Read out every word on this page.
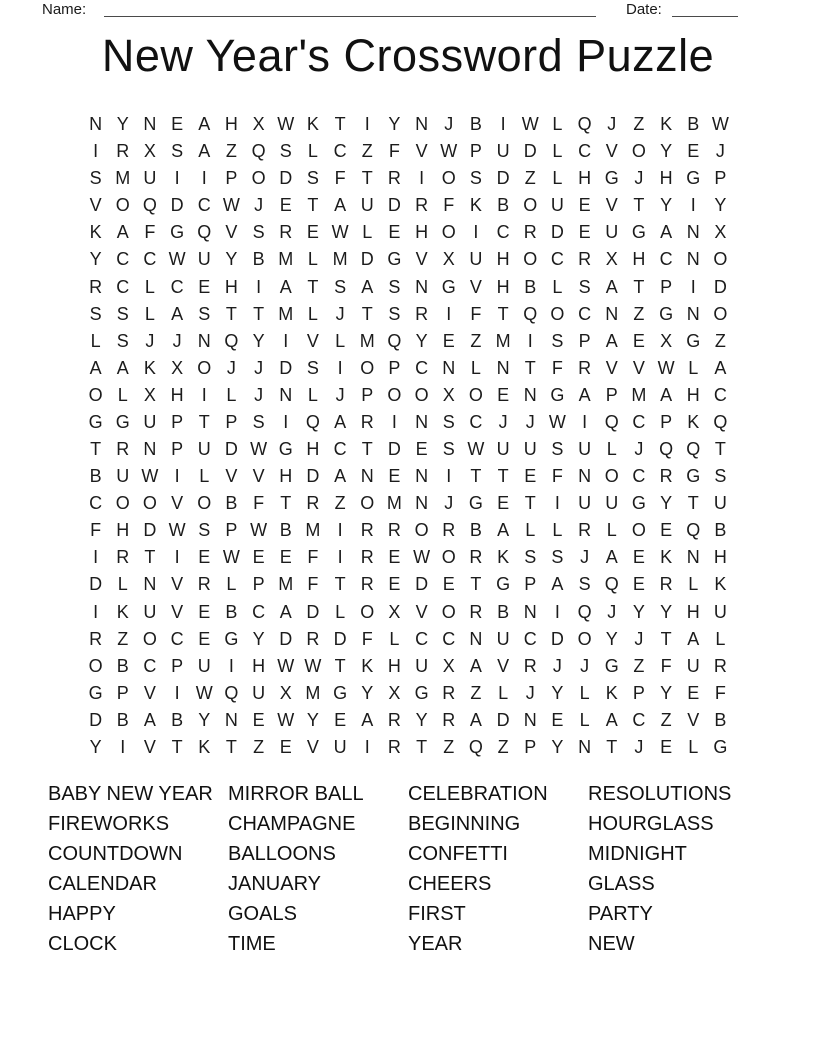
Name:	Date:
New Year's Crossword Puzzle
N Y N E A H X W K T	I	Y N J B	I W L Q J Z K B W
I	R X S A Z Q S L C Z F V W P U D L C V O Y E J
S M U	I	I	P O D S F T R	I O S D Z L H G J H G P
V O Q D C W J E T A U D R F K B O U E V T Y	I	Y
K A F G Q V S R E W L E H O I	C R D E U G A N X
Y C C W U Y B M L M D G V X U H O C R X H C N O
R C L C E H	I	A T S A S N G V H B L S A T P	I	D
S S L A S T T M L J T S R	I	F T Q O C N Z G N O
L S J	J N Q Y	I	V L M Q Y E Z M I	S P A E X G Z
A A K X O J	J D S	I O P C N L N T F R V V W L A
O L X H	I	L J N L J P O O X O E N G A P M A H C
G G U P T P S	I Q A R	I	N S C J	J W I Q C P K Q
T R N P U D W G H C T D E S W U U S U L J Q Q T
B U W I	L V V H D A N E N	I	T T E F N O C R G S
C O O V O B F T R Z O M N J G E T	I	U U G Y T U
F H D W S P W B M I	R R O R B A L L R L O E Q B
I	R T	I	E W E E F	I	R E W O R K S S J A E K N H
D L N V R L P M F T R E D E T G P A S Q E R L K
I	K U V E B C A D L O X V O R B N	I Q J Y Y H U
R Z O C E G Y D R D F L C C N U C D O Y J T A L
O B C P U	I	H W W T K H U X A V R J	J G Z F U R
G P V	I W Q U X M G Y X G R Z L J Y L K P Y E F
D B A B Y N E W Y E A R Y R A D N E L A C Z V B
Y	I	V T K T Z E V U	I	R T Z Q Z P Y N T J E L G
BABY NEW YEAR
FIREWORKS
COUNTDOWN
CALENDAR
HAPPY
CLOCK
MIRROR BALL
CHAMPAGNE
BALLOONS
JANUARY
GOALS
TIME
CELEBRATION
BEGINNING
CONFETTI
CHEERS
FIRST
YEAR
RESOLUTIONS
HOURGLASS
MIDNIGHT
GLASS
PARTY
NEW
